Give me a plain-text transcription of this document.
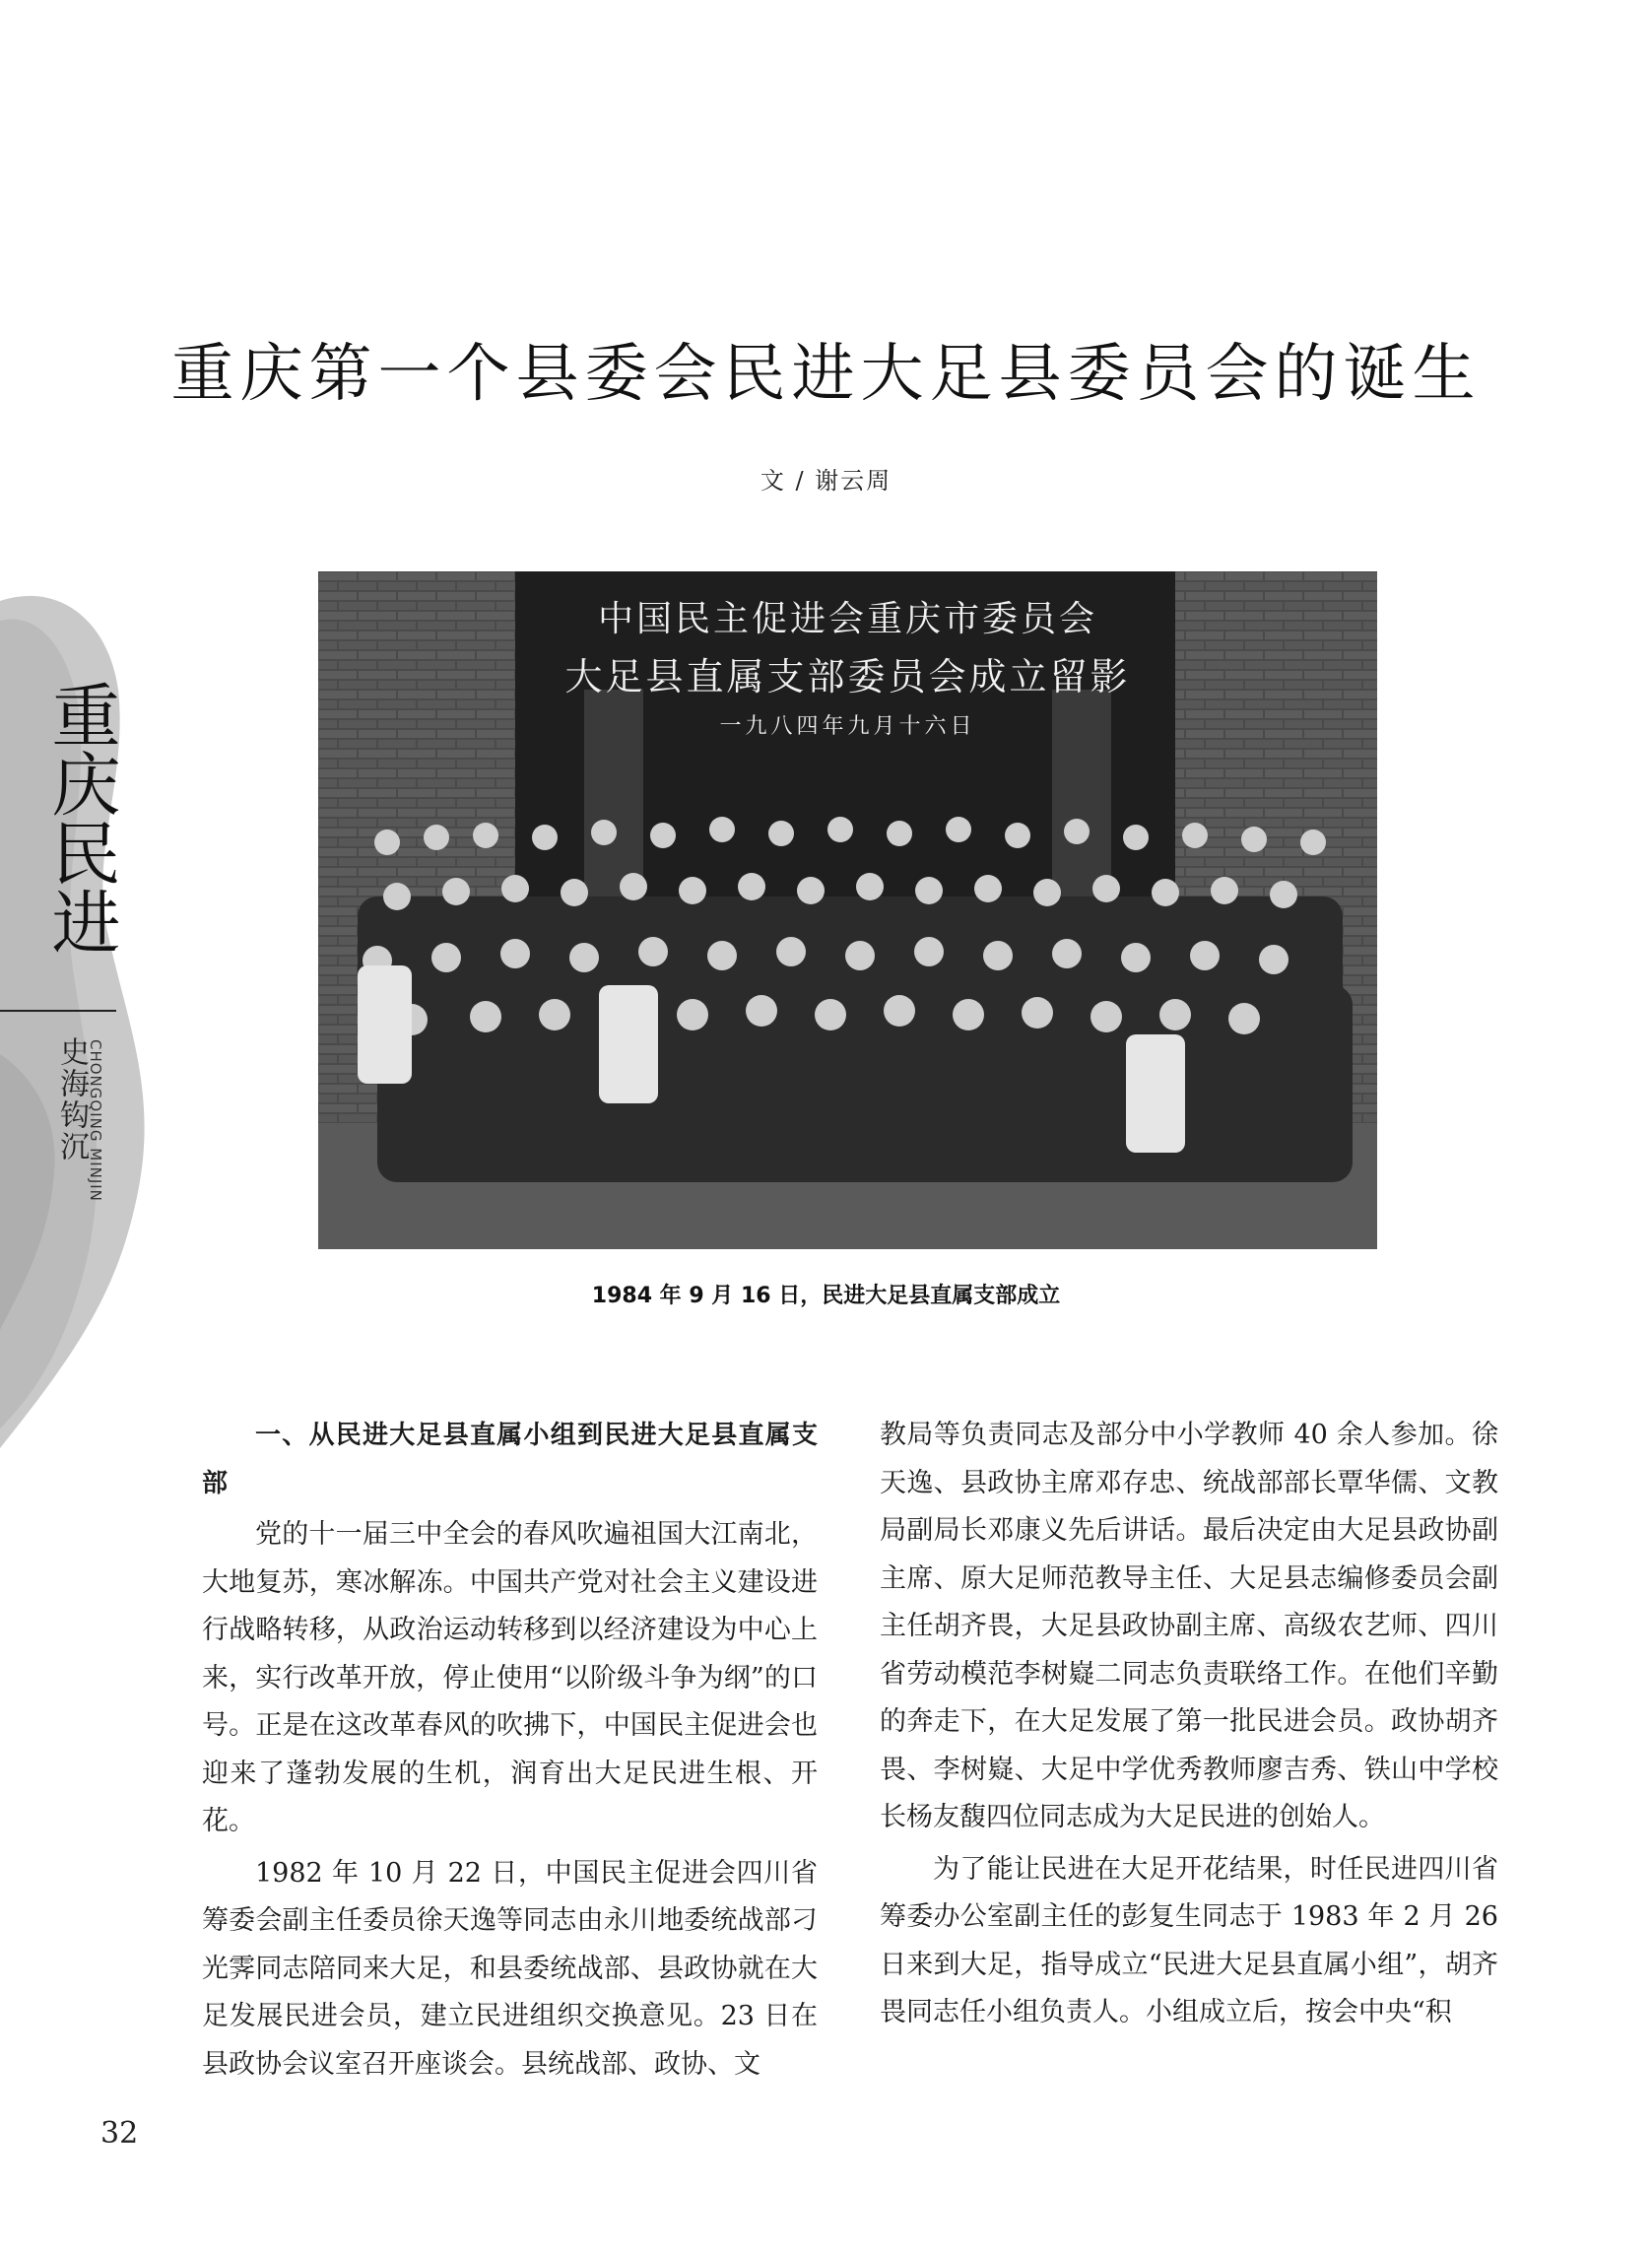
重庆第一个县委会民进大足县委员会的诞生
文 / 谢云周
重庆民进
史海钩沉
CHONGQING MINJIN
中国民主促进会重庆市委员会
大足县直属支部委员会成立留影
一九八四年九月十六日
1984 年 9 月 16 日，民进大足县直属支部成立

一、从民进大足县直属小组到民进大足县直属支部

党的十一届三中全会的春风吹遍祖国大江南北，大地复苏，寒冰解冻。中国共产党对社会主义建设进行战略转移，从政治运动转移到以经济建设为中心上来，实行改革开放，停止使用“以阶级斗争为纲”的口号。正是在这改革春风的吹拂下，中国民主促进会也迎来了蓬勃发展的生机，润育出大足民进生根、开花。

1982 年 10 月 22 日，中国民主促进会四川省筹委会副主任委员徐天逸等同志由永川地委统战部刁光霁同志陪同来大足，和县委统战部、县政协就在大足发展民进会员，建立民进组织交换意见。23 日在县政协会议室召开座谈会。县统战部、政协、文

教局等负责同志及部分中小学教师 40 余人参加。徐天逸、县政协主席邓存忠、统战部部长覃华儒、文教局副局长邓康义先后讲话。最后决定由大足县政协副主席、原大足师范教导主任、大足县志编修委员会副主任胡齐畏，大足县政协副主席、高级农艺师、四川省劳动模范李树嶷二同志负责联络工作。在他们辛勤的奔走下，在大足发展了第一批民进会员。政协胡齐畏、李树嶷、大足中学优秀教师廖吉秀、铁山中学校长杨友馥四位同志成为大足民进的创始人。

为了能让民进在大足开花结果，时任民进四川省筹委办公室副主任的彭复生同志于 1983 年 2 月 26 日来到大足，指导成立“民进大足县直属小组”，胡齐畏同志任小组负责人。小组成立后，按会中央“积

32
